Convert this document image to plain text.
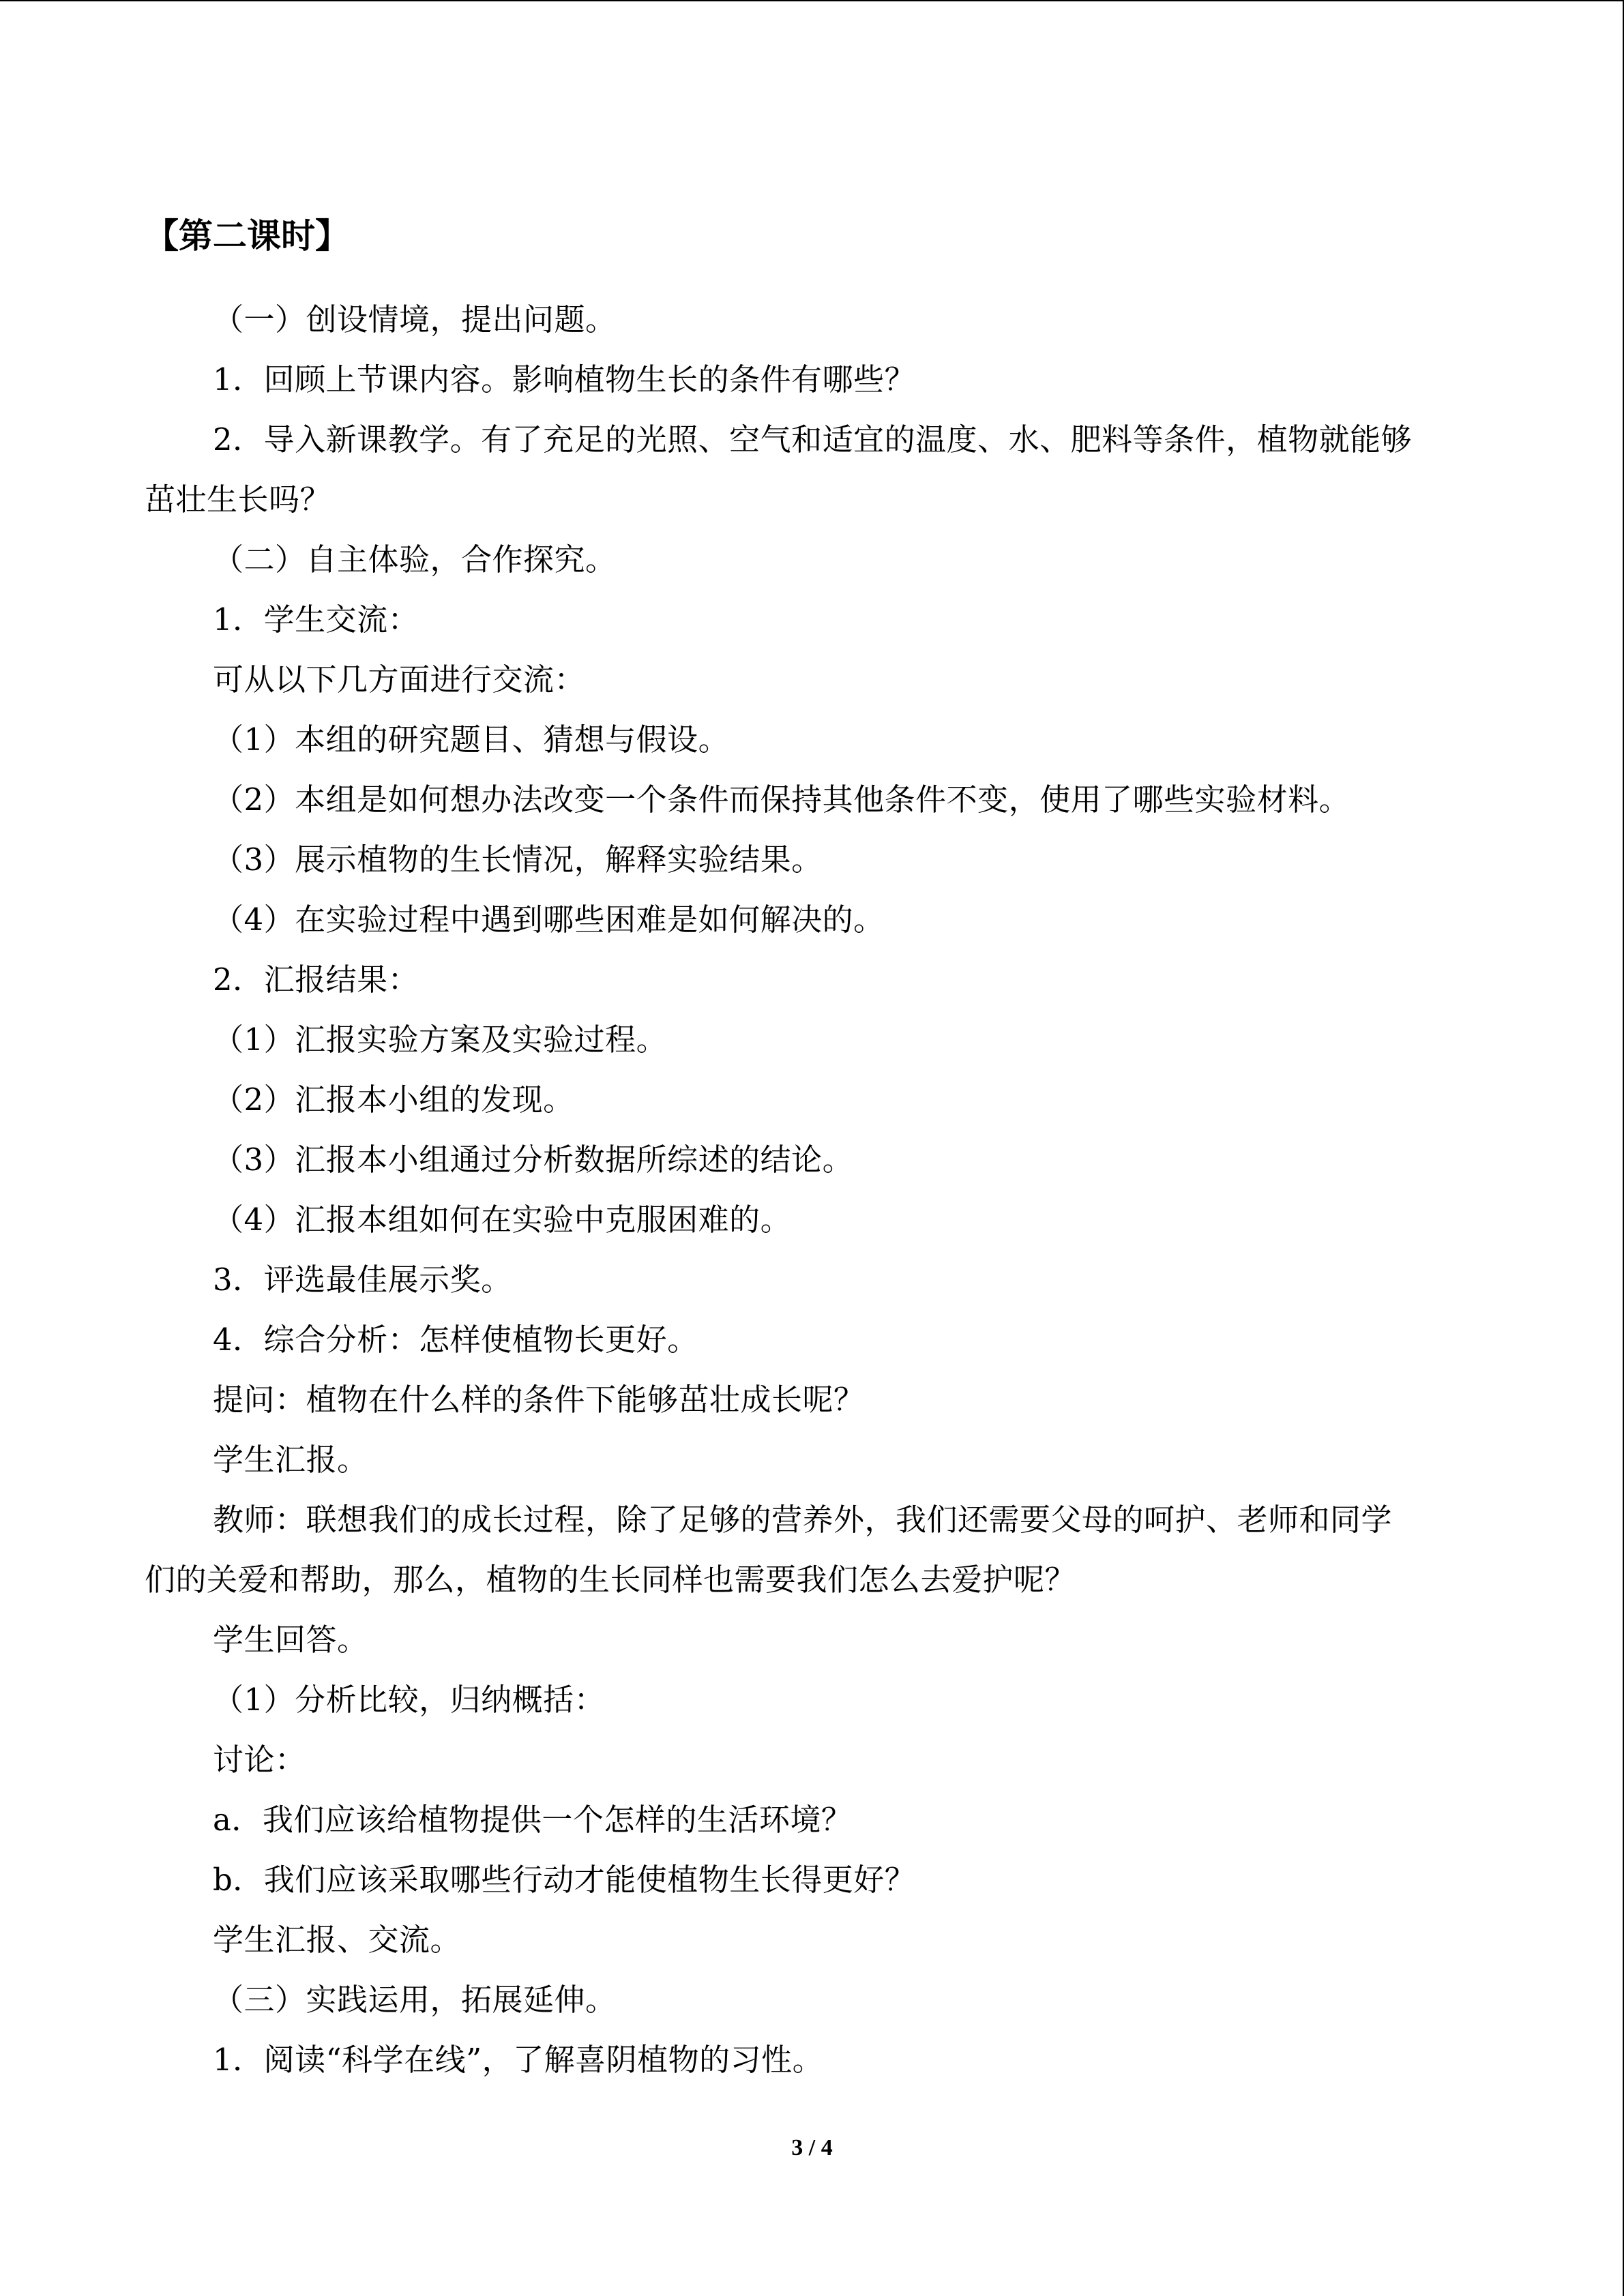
【第二课时】
（一）创设情境，提出问题。
1．回顾上节课内容。影响植物生长的条件有哪些？
2．导入新课教学。有了充足的光照、空气和适宜的温度、水、肥料等条件，植物就能够
茁壮生长吗？
（二）自主体验，合作探究。
1．学生交流：
可从以下几方面进行交流：
（1）本组的研究题目、猜想与假设。
（2）本组是如何想办法改变一个条件而保持其他条件不变，使用了哪些实验材料。
（3）展示植物的生长情况，解释实验结果。
（4）在实验过程中遇到哪些困难是如何解决的。
2．汇报结果：
（1）汇报实验方案及实验过程。
（2）汇报本小组的发现。
（3）汇报本小组通过分析数据所综述的结论。
（4）汇报本组如何在实验中克服困难的。
3．评选最佳展示奖。
4．综合分析：怎样使植物长更好。
提问：植物在什么样的条件下能够茁壮成长呢？
学生汇报。
教师：联想我们的成长过程，除了足够的营养外，我们还需要父母的呵护、老师和同学
们的关爱和帮助，那么，植物的生长同样也需要我们怎么去爱护呢？
学生回答。
（1）分析比较，归纳概括：
讨论：
a．我们应该给植物提供一个怎样的生活环境？
b．我们应该采取哪些行动才能使植物生长得更好？
学生汇报、交流。
（三）实践运用，拓展延伸。
1．阅读“科学在线”，了解喜阴植物的习性。
3 / 4
